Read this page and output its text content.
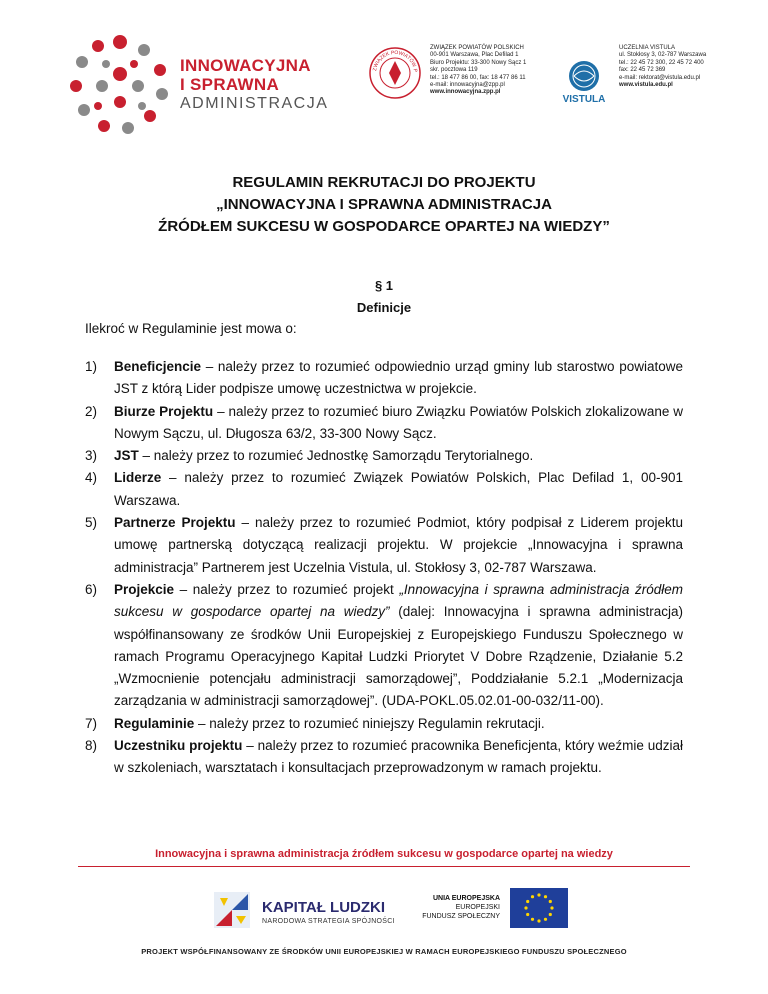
INNOWACYJNA
I SPRAWNA
ADMINISTRACJA
ZWIĄZEK POWIATÓW P
ZWIĄZEK POWIATÓW POLSKICH
00-901 Warszawa, Plac Defilad 1
Biuro Projektu: 33-300 Nowy Sącz 1
skr. pocztowa 119
tel.: 18 477 86 00, fax: 18 477 86 11
e-mail: innowacyjna@zpp.pl
www.innowacyjna.zpp.pl
VISTULA
UCZELNIA VISTULA
ul. Stokłosy 3, 02-787 Warszawa
tel.: 22 45 72 300, 22 45 72 400
fax: 22 45 72 369
e-mail: rektorat@vistula.edu.pl
www.vistula.edu.pl
REGULAMIN REKRUTACJI DO PROJEKTU
„INNOWACYJNA I SPRAWNA ADMINISTRACJA
ŹRÓDŁEM SUKCESU W GOSPODARCE OPARTEJ NA WIEDZY”
§ 1
Definicje
Ilekroć w Regulaminie jest mowa o:
1) Beneficjencie – należy przez to rozumieć odpowiednio urząd gminy lub starostwo powiatowe JST z którą Lider podpisze umowę uczestnictwa w projekcie.
2) Biurze Projektu – należy przez to rozumieć biuro Związku Powiatów Polskich zlokalizowane w Nowym Sączu, ul. Długosza 63/2, 33-300 Nowy Sącz.
3) JST – należy przez to rozumieć Jednostkę Samorządu Terytorialnego.
4) Liderze – należy przez to rozumieć Związek Powiatów Polskich, Plac Defilad 1, 00-901 Warszawa.
5) Partnerze Projektu – należy przez to rozumieć Podmiot, który podpisał z Liderem projektu umowę partnerską dotyczącą realizacji projektu. W projekcie „Innowacyjna i sprawna administracja” Partnerem jest Uczelnia Vistula, ul. Stokłosy 3, 02-787 Warszawa.
6) Projekcie – należy przez to rozumieć projekt „Innowacyjna i sprawna administracja źródłem sukcesu w gospodarce opartej na wiedzy” (dalej: Innowacyjna i sprawna administracja) współfinansowany ze środków Unii Europejskiej z Europejskiego Funduszu Społecznego w ramach Programu Operacyjnego Kapitał Ludzki Priorytet V Dobre Rządzenie, Działanie 5.2 „Wzmocnienie potencjału administracji samorządowej”, Poddziałanie 5.2.1 „Modernizacja zarządzania w administracji samorządowej”. (UDA-POKL.05.02.01-00-032/11-00).
7) Regulaminie – należy przez to rozumieć niniejszy Regulamin rekrutacji.
8) Uczestniku projektu – należy przez to rozumieć pracownika Beneficjenta, który weźmie udział w szkoleniach, warsztatach i konsultacjach przeprowadzonym w ramach projektu.
Innowacyjna i sprawna administracja źródłem sukcesu w gospodarce opartej na wiedzy
KAPITAŁ LUDZKI
NARODOWA STRATEGIA SPÓJNOŚCI
UNIA EUROPEJSKA
EUROPEJSKI
FUNDUSZ SPOŁECZNY
PROJEKT WSPÓŁFINANSOWANY ZE ŚRODKÓW UNII EUROPEJSKIEJ W RAMACH EUROPEJSKIEGO FUNDUSZU SPOŁECZNEGO
